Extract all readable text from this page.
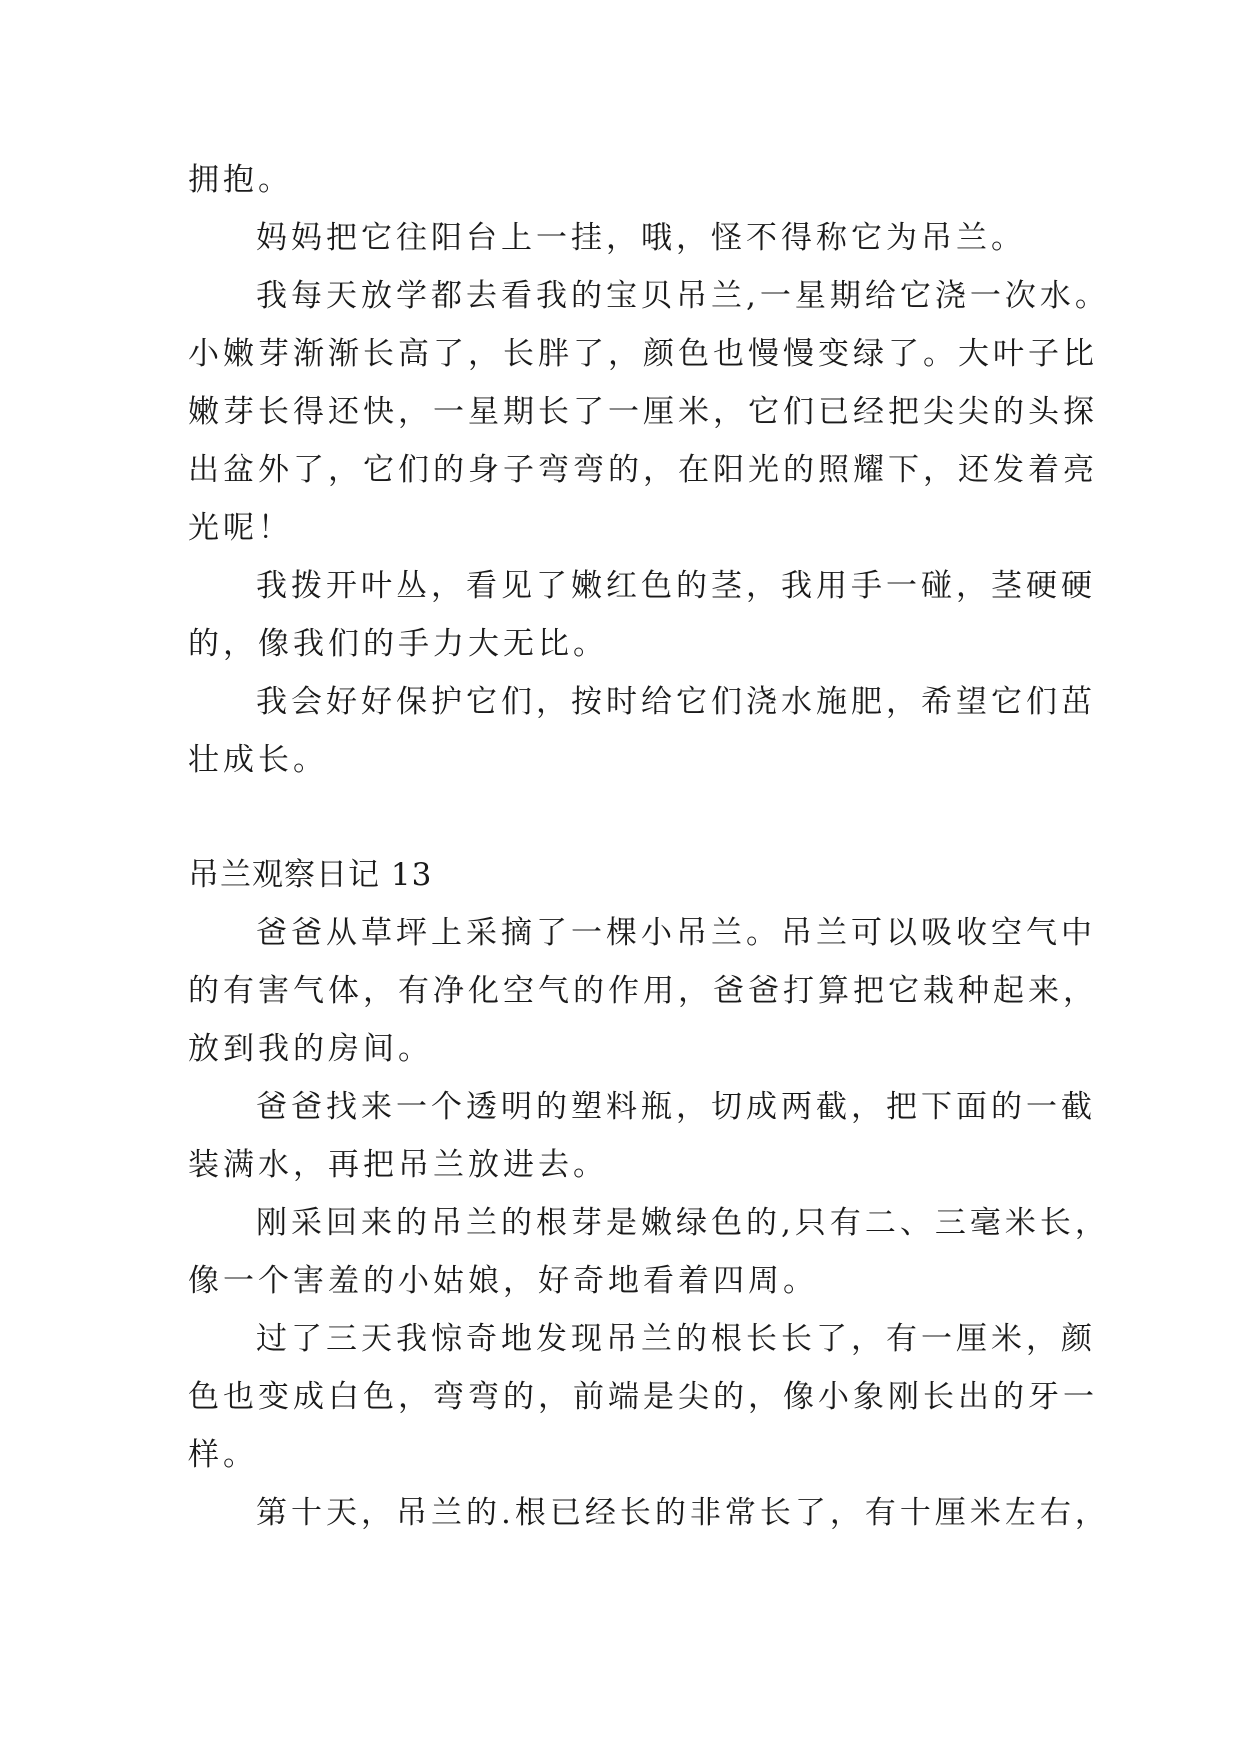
拥抱。
妈妈把它往阳台上一挂，哦，怪不得称它为吊兰。
我每天放学都去看我的宝贝吊兰,一星期给它浇一次水。
小嫩芽渐渐长高了，长胖了，颜色也慢慢变绿了。大叶子比
嫩芽长得还快，一星期长了一厘米，它们已经把尖尖的头探
出盆外了，它们的身子弯弯的，在阳光的照耀下，还发着亮
光呢！
我拨开叶丛，看见了嫩红色的茎，我用手一碰，茎硬硬
的，像我们的手力大无比。
我会好好保护它们，按时给它们浇水施肥，希望它们茁
壮成长。
吊兰观察日记 13
爸爸从草坪上采摘了一棵小吊兰。吊兰可以吸收空气中
的有害气体，有净化空气的作用，爸爸打算把它栽种起来，
放到我的房间。
爸爸找来一个透明的塑料瓶，切成两截，把下面的一截
装满水，再把吊兰放进去。
刚采回来的吊兰的根芽是嫩绿色的,只有二、三毫米长，
像一个害羞的小姑娘，好奇地看着四周。
过了三天我惊奇地发现吊兰的根长长了，有一厘米，颜
色也变成白色，弯弯的，前端是尖的，像小象刚长出的牙一
样。
第十天，吊兰的.根已经长的非常长了，有十厘米左右，
